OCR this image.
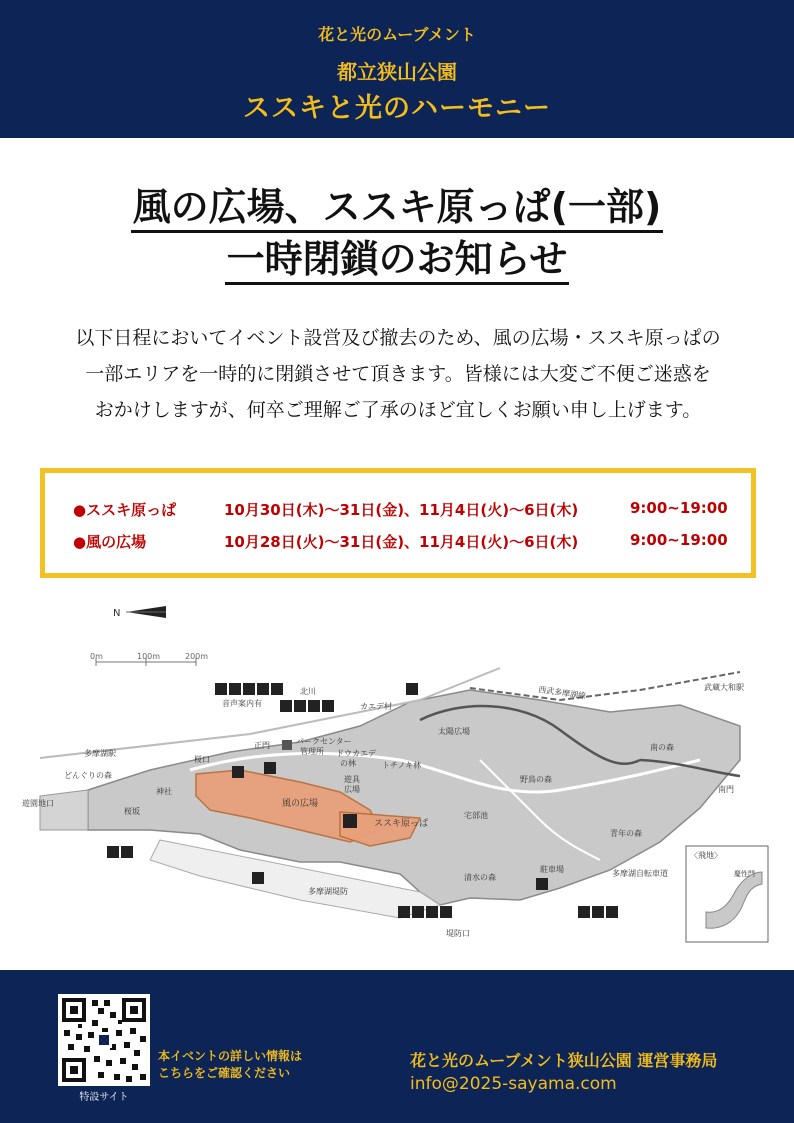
花と光のムーブメント
都立狭山公園
ススキと光のハーモニー
風の広場、ススキ原っぱ(一部)
一時閉鎖のお知らせ

以下日程においてイベント設営及び撤去のため、風の広場・ススキ原っぱの

一部エリアを一時的に閉鎖させて頂きます。皆様には大変ご不便ご迷惑を

おかけしますが、何卒ご理解ご了承のほど宜しくお願い申し上げます。

●ススキ原っぱ	10月30日(木)～31日(金)、11月4日(火)～6日(木)	9:00~19:00
●風の広場	10月28日(火)～31日(金)、11月4日(火)～6日(木)	9:00~19:00
N
0m	100m	200m
北川
音声案内有
正門	パークセンター
管理所
カエデ村
太陽広場
西武多摩湖線	武蔵大和駅
南の森
南門
多摩湖駅
桜口
どんぐりの森
神社
桜坂
遊園地口	風の広場
ドウカエデ
の林	トチノキ林
遊具
広場
ススキ原っぱ
宅部池
野鳥の森
青年の森
駐車場	多摩湖自転車道
清水の森
多摩湖堤防
堤防口
〈飛地〉
慶性門
特設サイト

本イベントの詳しい情報は

こちらをご確認ください

花と光のムーブメント狭山公園 運営事務局
info@2025-sayama.com
